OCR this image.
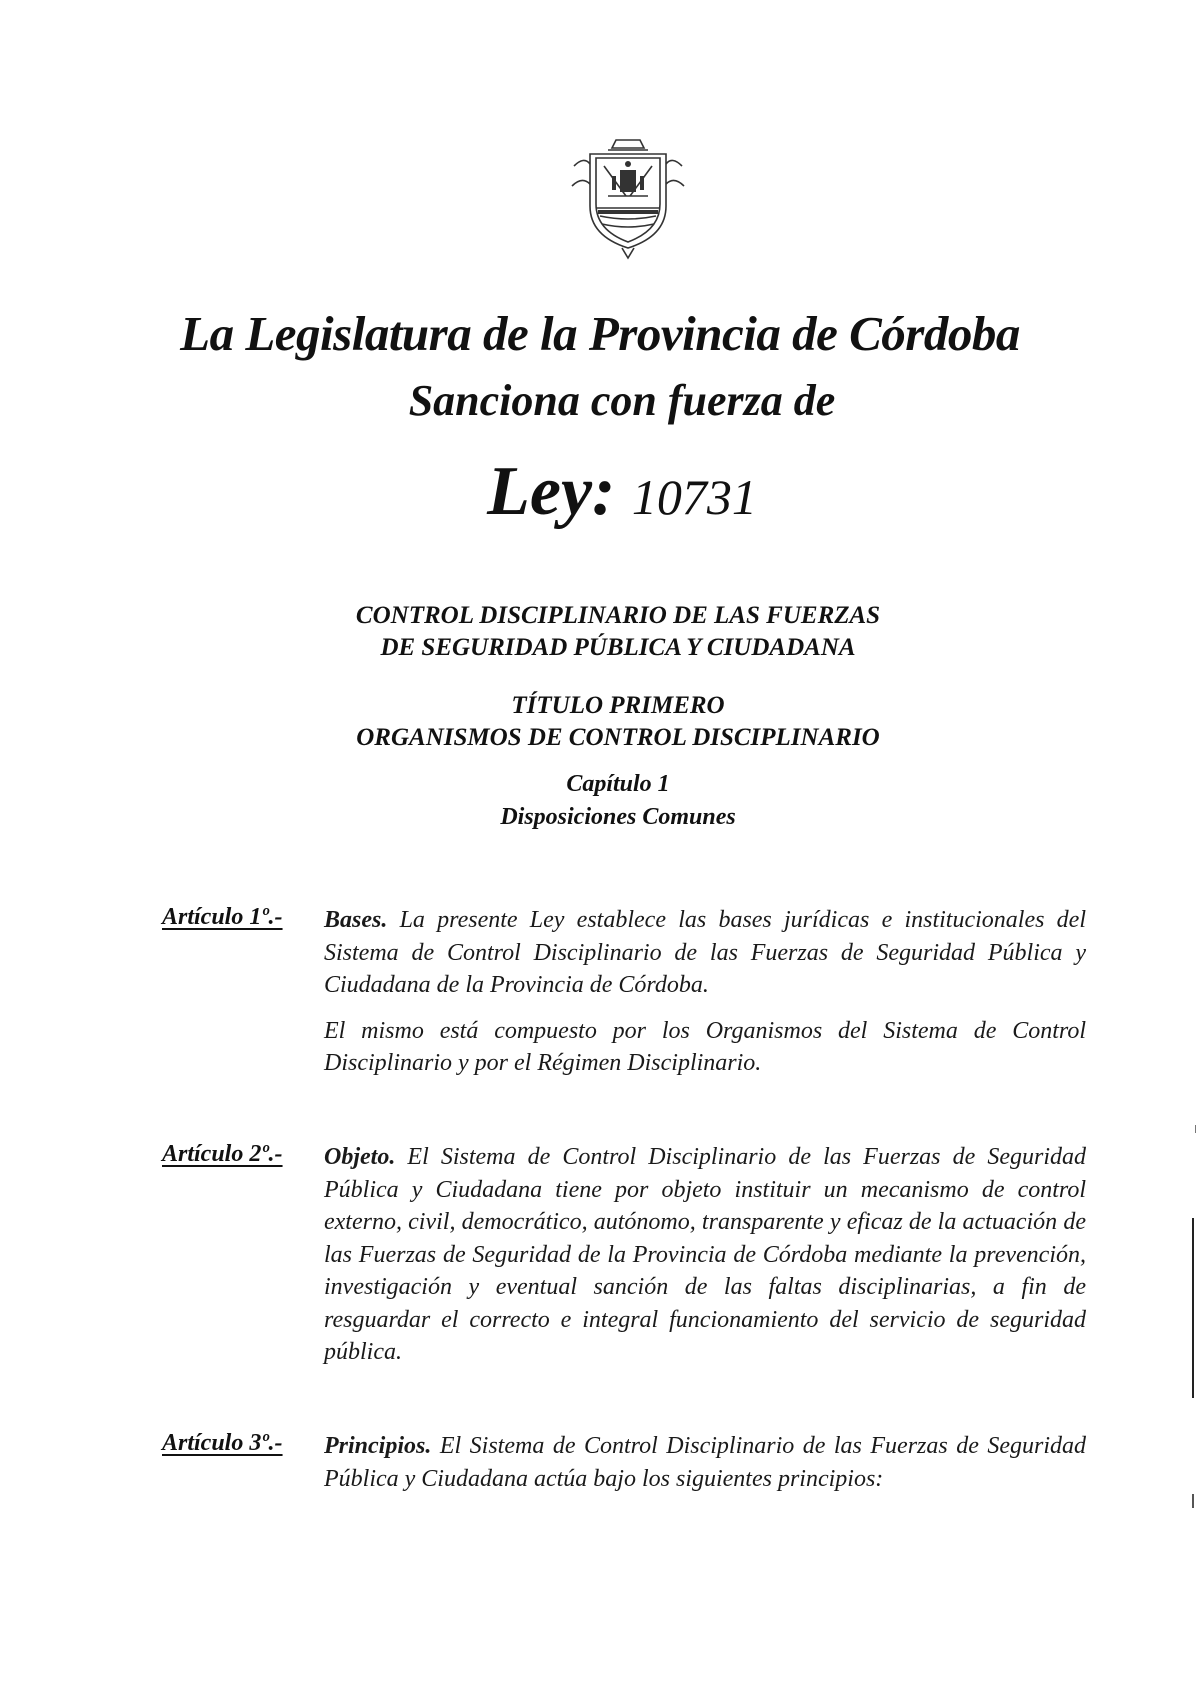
La Legislatura de la Provincia de Córdoba
Sanciona con fuerza de
Ley: 10731
CONTROL DISCIPLINARIO DE LAS FUERZAS
DE SEGURIDAD PÚBLICA Y CIUDADANA
TÍTULO PRIMERO
ORGANISMOS DE CONTROL DISCIPLINARIO
Capítulo 1
Disposiciones Comunes
Artículo 1º.-	Bases. La presente Ley establece las bases jurídicas e institucionales del Sistema de Control Disciplinario de las Fuerzas de Seguridad Pública y Ciudadana de la Provincia de Córdoba.

El mismo está compuesto por los Organismos del Sistema de Control Disciplinario y por el Régimen Disciplinario.

Artículo 2º.-	Objeto. El Sistema de Control Disciplinario de las Fuerzas de Seguridad Pública y Ciudadana tiene por objeto instituir un mecanismo de control externo, civil, democrático, autónomo, transparente y eficaz de la actuación de las Fuerzas de Seguridad de la Provincia de Córdoba mediante la prevención, investigación y eventual sanción de las faltas disciplinarias, a fin de resguardar el correcto e integral funcionamiento del servicio de seguridad pública.

Artículo 3º.-	Principios. El Sistema de Control Disciplinario de las Fuerzas de Seguridad Pública y Ciudadana actúa bajo los siguientes principios:
